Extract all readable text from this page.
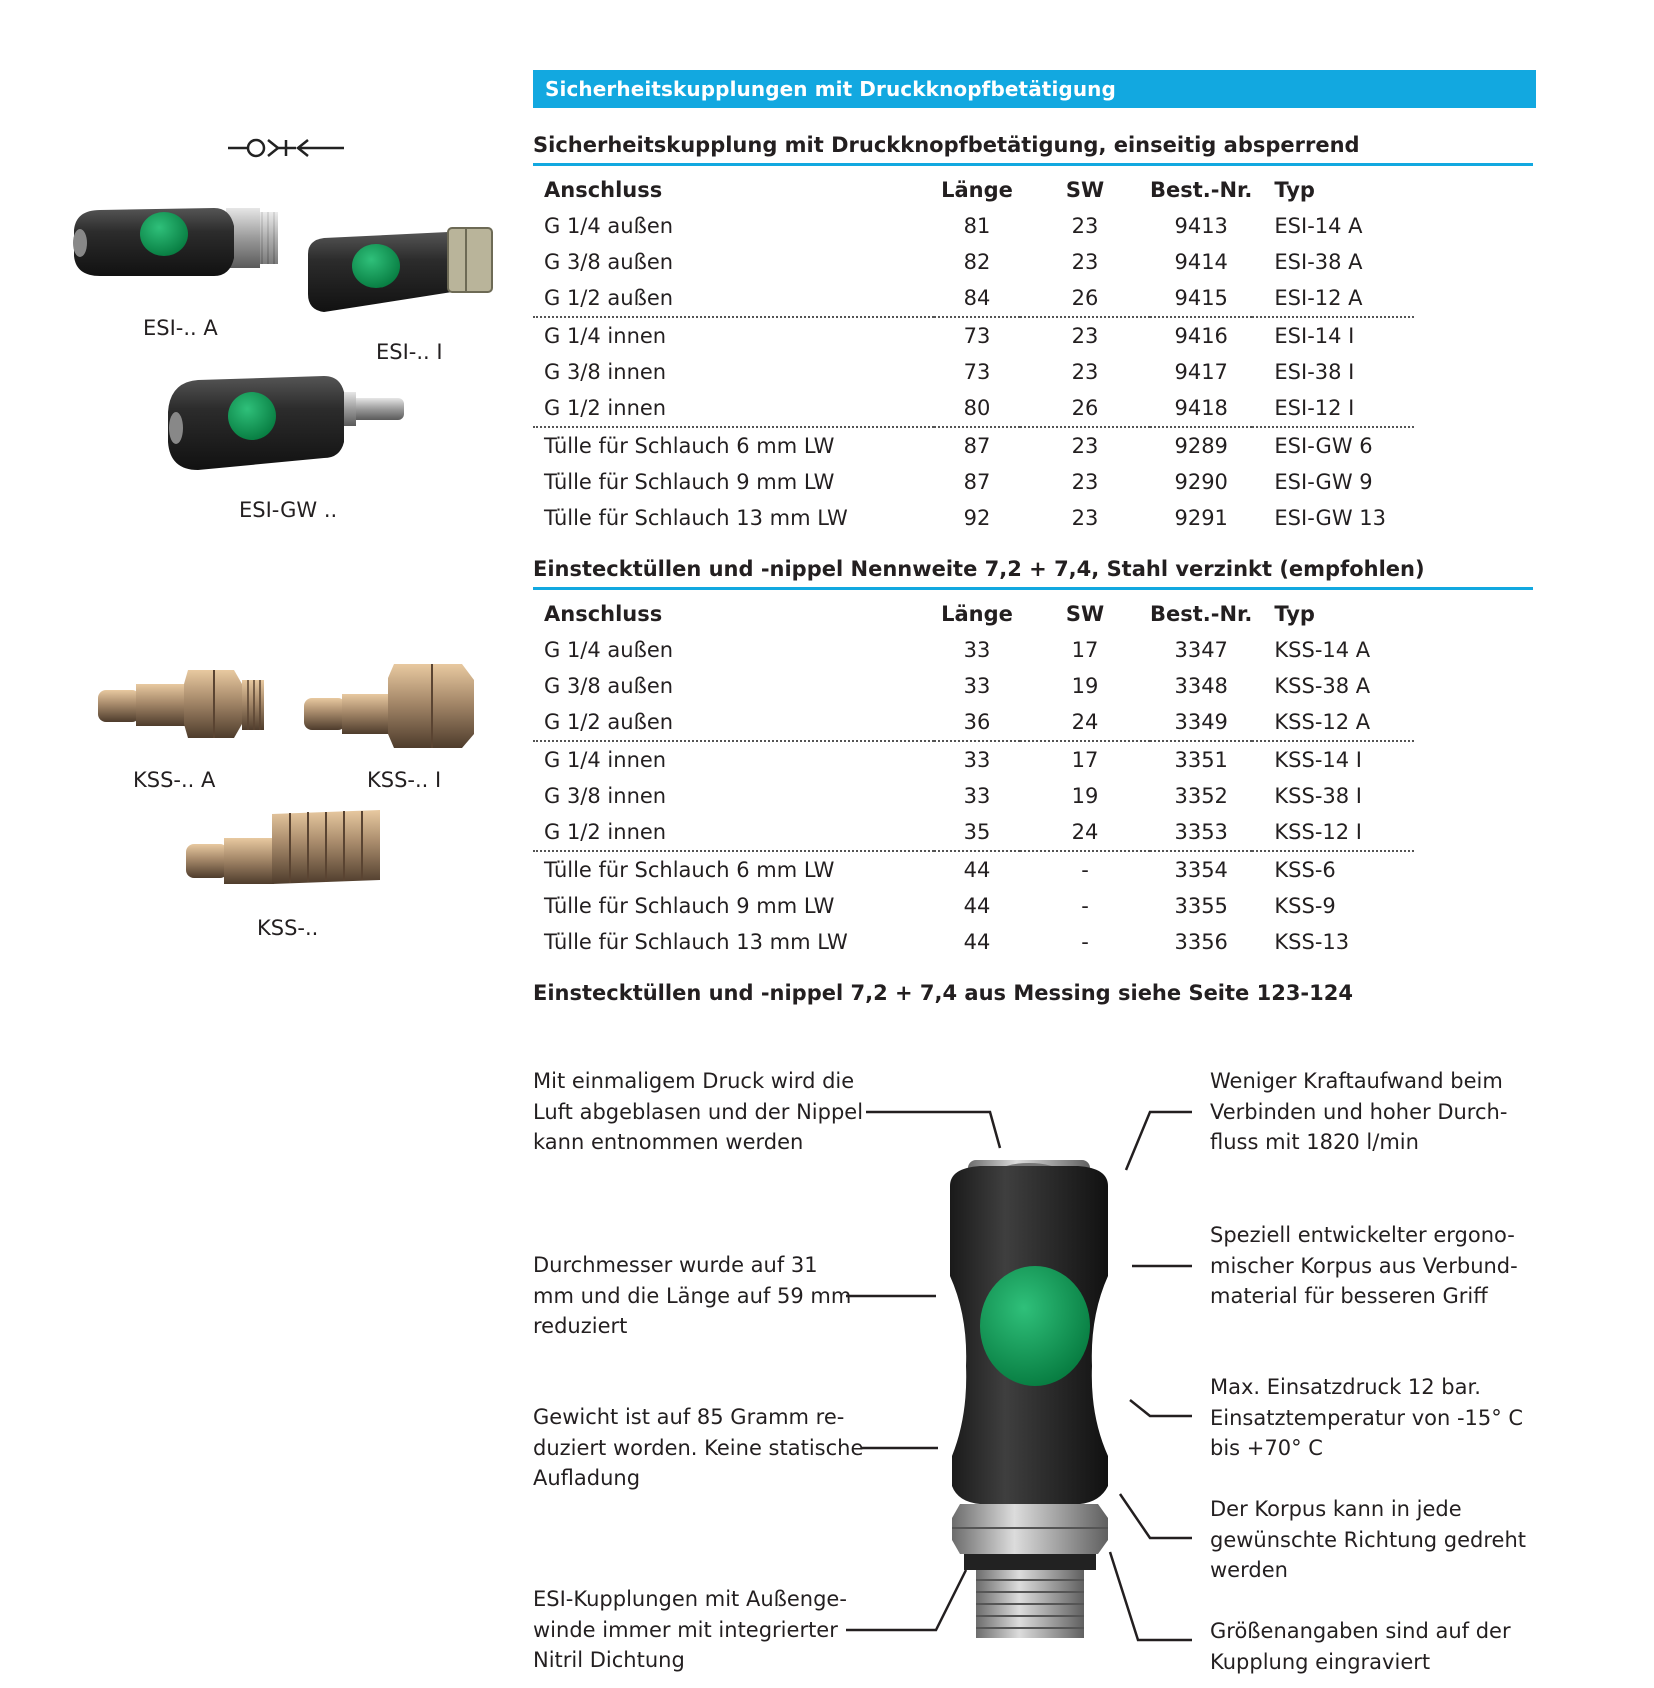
Sicherheitskupplungen mit Druckknopfbetätigung
ESI-.. A
ESI-.. I
ESI-GW ..
KSS-.. A	KSS-.. I
KSS-..
Sicherheitskupplung mit Druckknopfbetätigung, einseitig absperrend
Anschluss	Länge	SW	Best.-Nr.	Typ
G 1/4 außen	81	23	9413	ESI-14 A
G 3/8 außen	82	23	9414	ESI-38 A
G 1/2 außen	84	26	9415	ESI-12 A
G 1/4 innen	73	23	9416	ESI-14 I
G 3/8 innen	73	23	9417	ESI-38 I
G 1/2 innen	80	26	9418	ESI-12 I
Tülle für Schlauch 6 mm LW	87	23	9289	ESI-GW 6
Tülle für Schlauch 9 mm LW	87	23	9290	ESI-GW 9
Tülle für Schlauch 13 mm LW	92	23	9291	ESI-GW 13
Einstecktüllen und -nippel Nennweite 7,2 + 7,4, Stahl verzinkt (empfohlen)
Anschluss	Länge	SW	Best.-Nr.	Typ
G 1/4 außen	33	17	3347	KSS-14 A
G 3/8 außen	33	19	3348	KSS-38 A
G 1/2 außen	36	24	3349	KSS-12 A
G 1/4 innen	33	17	3351	KSS-14 I
G 3/8 innen	33	19	3352	KSS-38 I
G 1/2 innen	35	24	3353	KSS-12 I
Tülle für Schlauch 6 mm LW	44	-	3354	KSS-6
Tülle für Schlauch 9 mm LW	44	-	3355	KSS-9
Tülle für Schlauch 13 mm LW	44	-	3356	KSS-13
Einstecktüllen und -nippel 7,2 + 7,4 aus Messing siehe Seite 123-124
Mit einmaligem Druck wird die
Luft abgeblasen und der Nippel
kann entnommen werden
Durchmesser wurde auf 31
mm und die Länge auf 59 mm
reduziert
Gewicht ist auf 85 Gramm re-
duziert worden. Keine statische
Aufladung
ESI-Kupplungen mit Außenge-
winde immer mit integrierter
Nitril Dichtung
Weniger Kraftaufwand beim
Verbinden und hoher Durch-
fluss mit 1820 l/min
Speziell entwickelter ergono-
mischer Korpus aus Verbund-
material für besseren Griff
Max. Einsatzdruck 12 bar.
Einsatztemperatur von -15° C
bis +70° C
Der Korpus kann in jede
gewünschte Richtung gedreht
werden
Größenangaben sind auf der
Kupplung eingraviert
